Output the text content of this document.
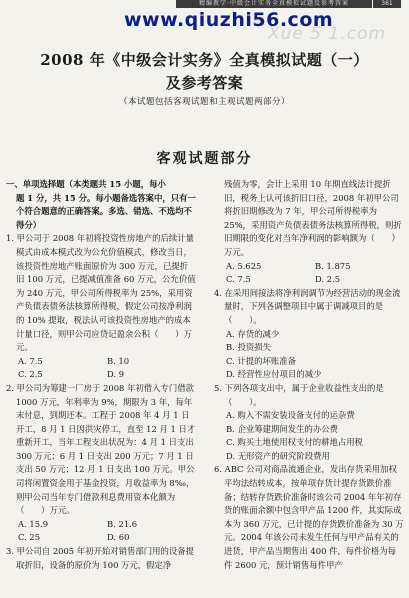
精编教学·中级会计实务全真模拟试题及参考答案	361
www.qiuzhi56.com
Xue 5 1.com
2008 年《中级会计实务》全真模拟试题（一）
及参考答案
（本试题包括客观试题和主观试题两部分）
客观试题部分

一、单项选择题（本类题共 15 小题，每小

题 1 分，共 15 分。每小题备选答案中，只有一个符合题意的正确答案。多选、错选、不选均不得分）

1. 甲公司于 2008 年初将投资性房地产的后续计量模式由成本模式改为公允价值模式，修改当日，该投资性房地产账面原价为 300 万元，已提折旧 100 万元，已提减值准备 60 万元，公允价值为 240 万元，甲公司所得税率为 25%，采用资产负债表债务法核算所得税，假定公司按净利润的 10% 提取，税法认可该投资性房地产的成本计量口径，则甲公司应贷记盈余公积（　　）万元。

A. 7.5	B. 10
C. 2.5	D. 9

2. 甲公司为筹建一厂房于 2008 年初借入专门借款 1000 万元，年利率为 9%，期限为 3 年，每年末付息，到期还本。工程于 2008 年 4 月 1 日开工，8 月 1 日因洪灾停工，直至 12 月 1 日才重新开工，当年工程支出状况为：4 月 1 日支出 300 万元；6 月 1 日支出 200 万元；7 月 1 日支出 50 万元；12 月 1 日支出 100 万元。甲公司将闲置资金用于基金投资，月收益率为 8‰，则甲公司当年专门借款利息费用资本化额为（　　）万元。

A. 15.9	B. 21.6
C. 25	D. 60

3. 甲公司自 2005 年初开始对销售部门用的设备提取折旧，设备的原价为 100 万元，假定净

残值为零，会计上采用 10 年期直线法计提折旧，税务上认可该折旧口径，2008 年初甲公司将折旧期修改为 7 年，甲公司所得税率为 25%，采用资产负债表债务法核算所得税，则折旧期限的变化对当年净利润的影响额为（　　）万元。

A. 5.625	B. 1.875
C. 7.5	D. 2.5

4. 在采用间接法将净利润调节为经营活动的现金流量时，下列各调整项目中属于调减项目的是（　　）。

A. 存货的减少

B. 投资损失

C. 计提的坏账准备

D. 经营性应付项目的减少

5. 下列各项支出中，属于企业收益性支出的是（　　）。

A. 购入不需安装设备支付的运杂费

B. 企业筹建期间发生的办公费

C. 购买土地使用权支付的耕地占用税

D. 无形资产的研究阶段费用

6. ABC 公司对商品流通企业，发出存货采用加权平均法结转成本，按单项存货计提存货跌价准备；结转存货跌价准备时该公司 2004 年年初存货的账面余额中包含甲产品 1200 件，其实际成本为 360 万元，已计提的存货跌价准备为 30 万元。2004 年该公司未发生任何与甲产品有关的进货，甲产品当期售出 400 件，每件价格为每件 2600 元，预计销售每件甲产
